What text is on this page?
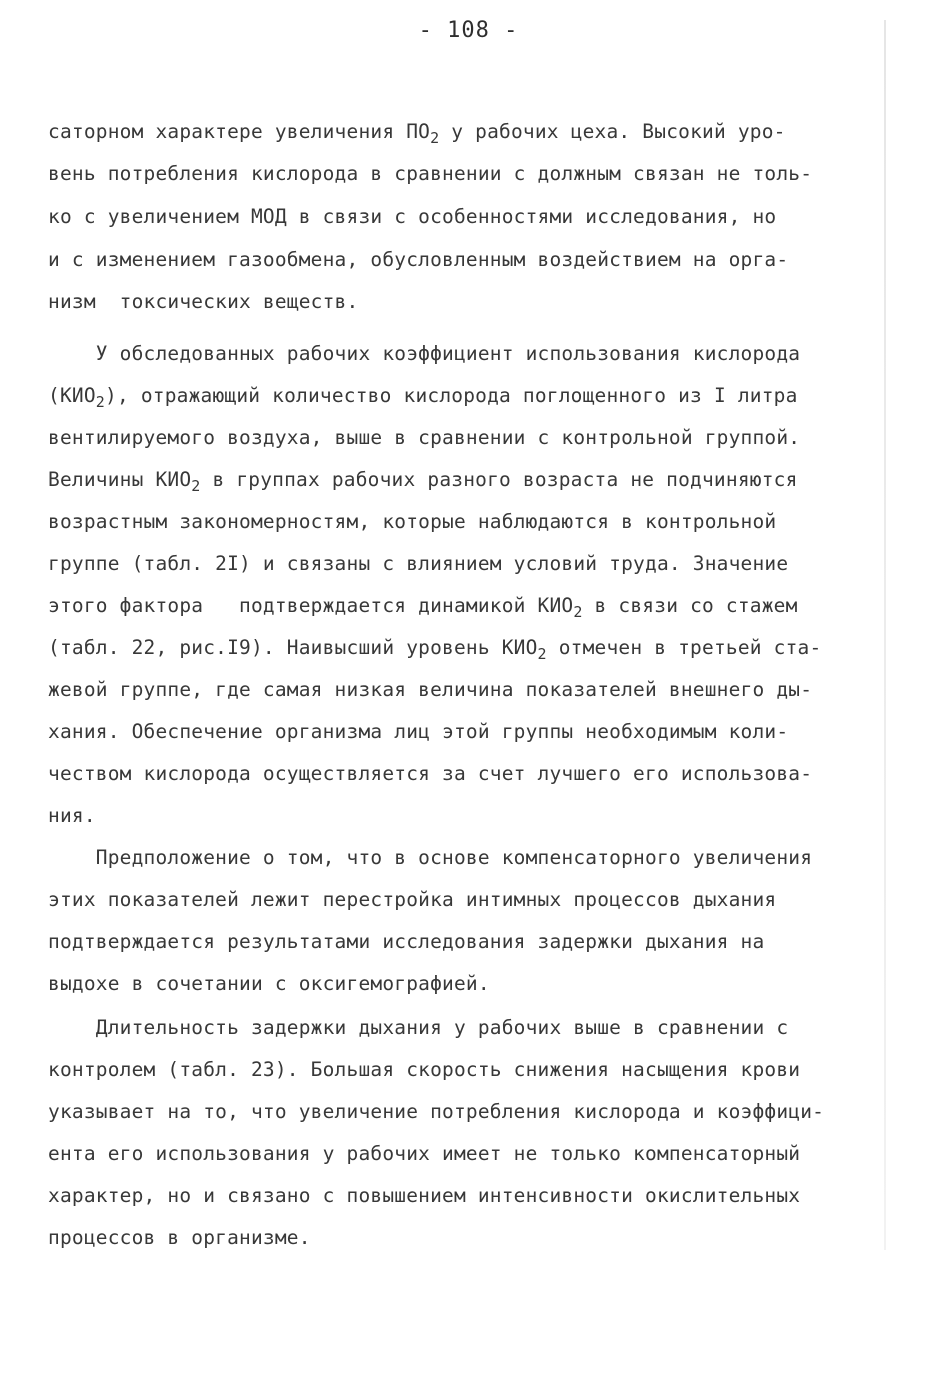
- 108 -
саторном характере увеличения $ПО_2$ у рабочих цеха. Высокий уро-
вень потребления кислорода в сравнении с должным связан не толь-
ко с увеличением МОД в связи с особенностями исследования, но
и с изменением газообмена, обусловленным воздействием на орга-
низм  токсических веществ.
У обследованных рабочих коэффициент использования кислорода
$(КИО_2)$, отражающий количество кислорода поглощенного из I литра
вентилируемого воздуха, выше в сравнении с контрольной группой.
Величины $КИО_2$ в группах рабочих разного возраста не подчиняются
возрастным закономерностям, которые наблюдаются в контрольной
группе (табл. 2I) и связаны с влиянием условий труда. Значение
этого фактора   подтверждается динамикой $КИО_2$ в связи со стажем
(табл. 22, рис.I9). Наивысший уровень $КИО_2$ отмечен в третьей ста-
жевой группе, где самая низкая величина показателей внешнего ды-
хания. Обеспечение организма лиц этой группы необходимым коли-
чеством кислорода осуществляется за счет лучшего его использова-
ния.
Предположение о том, что в основе компенсаторного увеличения
этих показателей лежит перестройка интимных процессов дыхания
подтверждается результатами исследования задержки дыхания на
выдохе в сочетании с оксигемографией.
Длительность задержки дыхания у рабочих выше в сравнении с
контролем (табл. 23). Большая скорость снижения насыщения крови
указывает на то, что увеличение потребления кислорода и коэффици-
ента его использования у рабочих имеет не только компенсаторный
характер, но и связано с повышением интенсивности окислительных
процессов в организме.
